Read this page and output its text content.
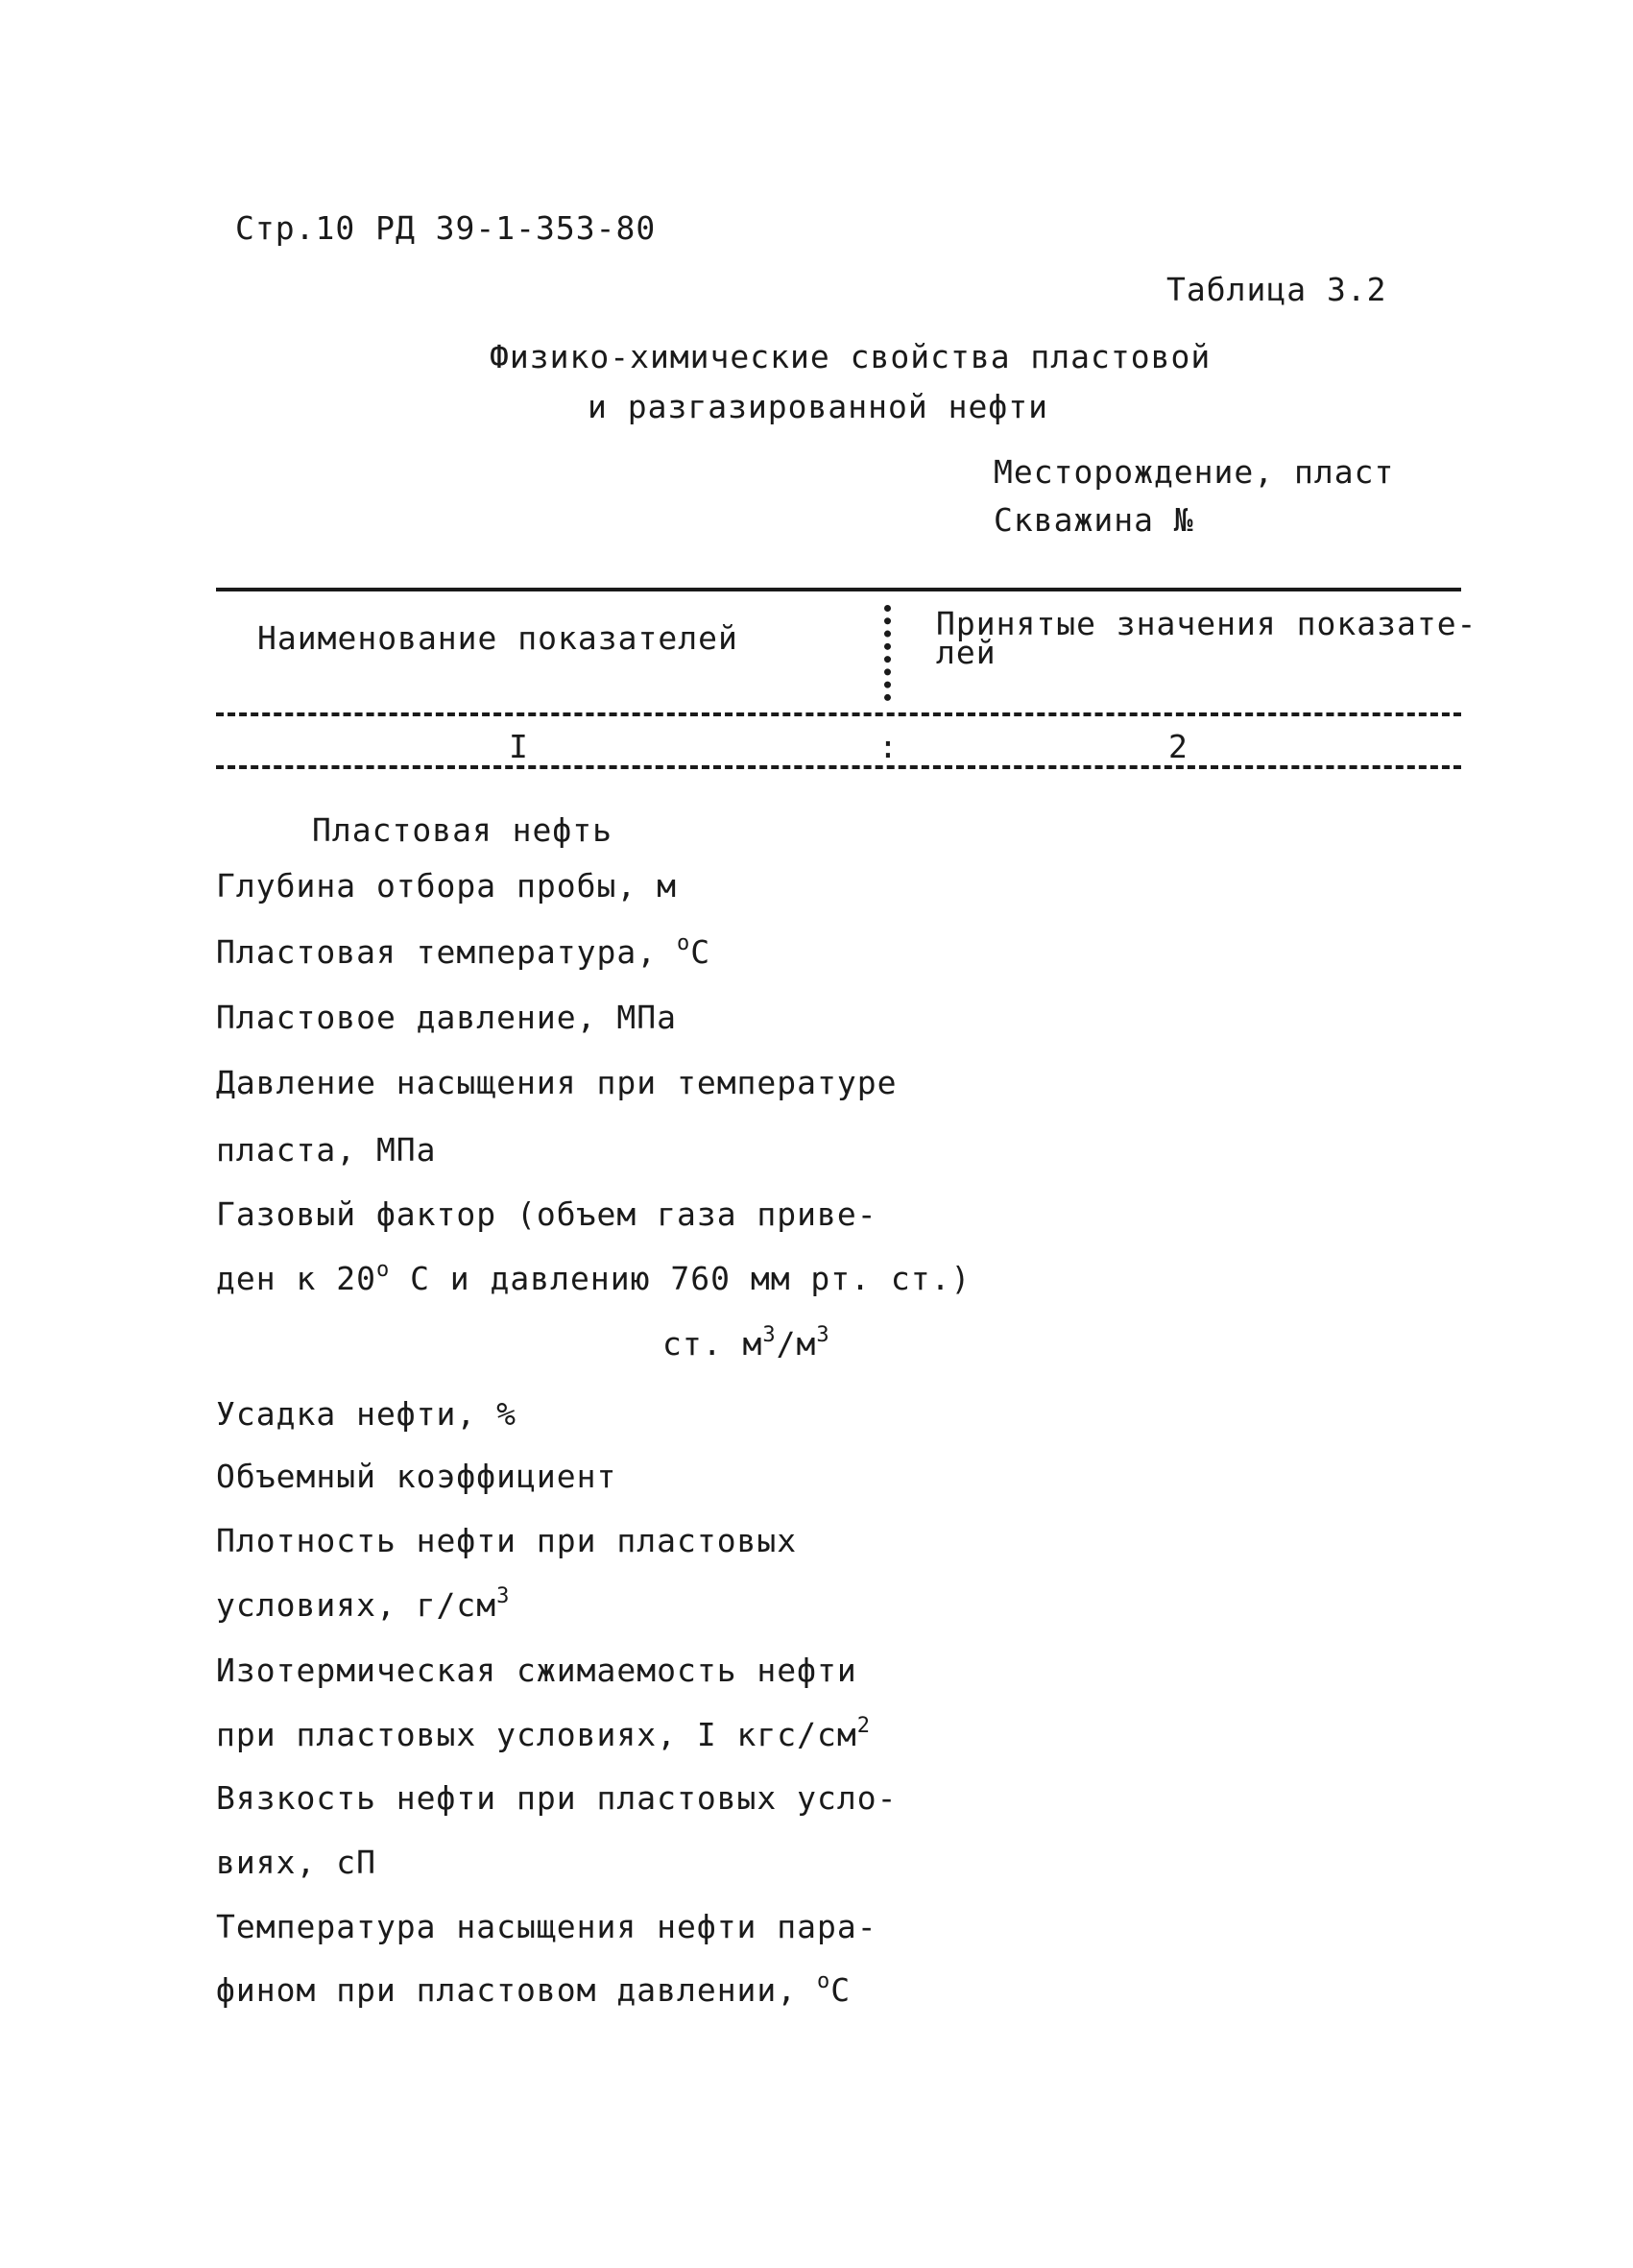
Стр.10 РД 39-1-353-80
Таблица 3.2
Физико-химические свойства пластовой
и разгазированной нефти
Месторождение, пласт
Скважина №
Наименование показателей	Принятые значения показате-
лей
I	:	2
Пластовая нефть
Глубина отбора пробы, м
Пластовая температура, $^о$С
Пластовое давление, МПа
Давление насыщения при температуре
пласта, МПа
Газовый фактор (объем газа приве-
ден к $20^о$ С и давлению 760 мм рт. ст.)
ст. $м^3/м^3$
Усадка нефти, %
Объемный коэффициент
Плотность нефти при пластовых
условиях, $г/см^3$
Изотермическая сжимаемость нефти
при пластовых условиях, I кгс/$см^2$
Вязкость нефти при пластовых усло-
виях, сП
Температура насыщения нефти пара-
фином при пластовом давлении, $^о$С
